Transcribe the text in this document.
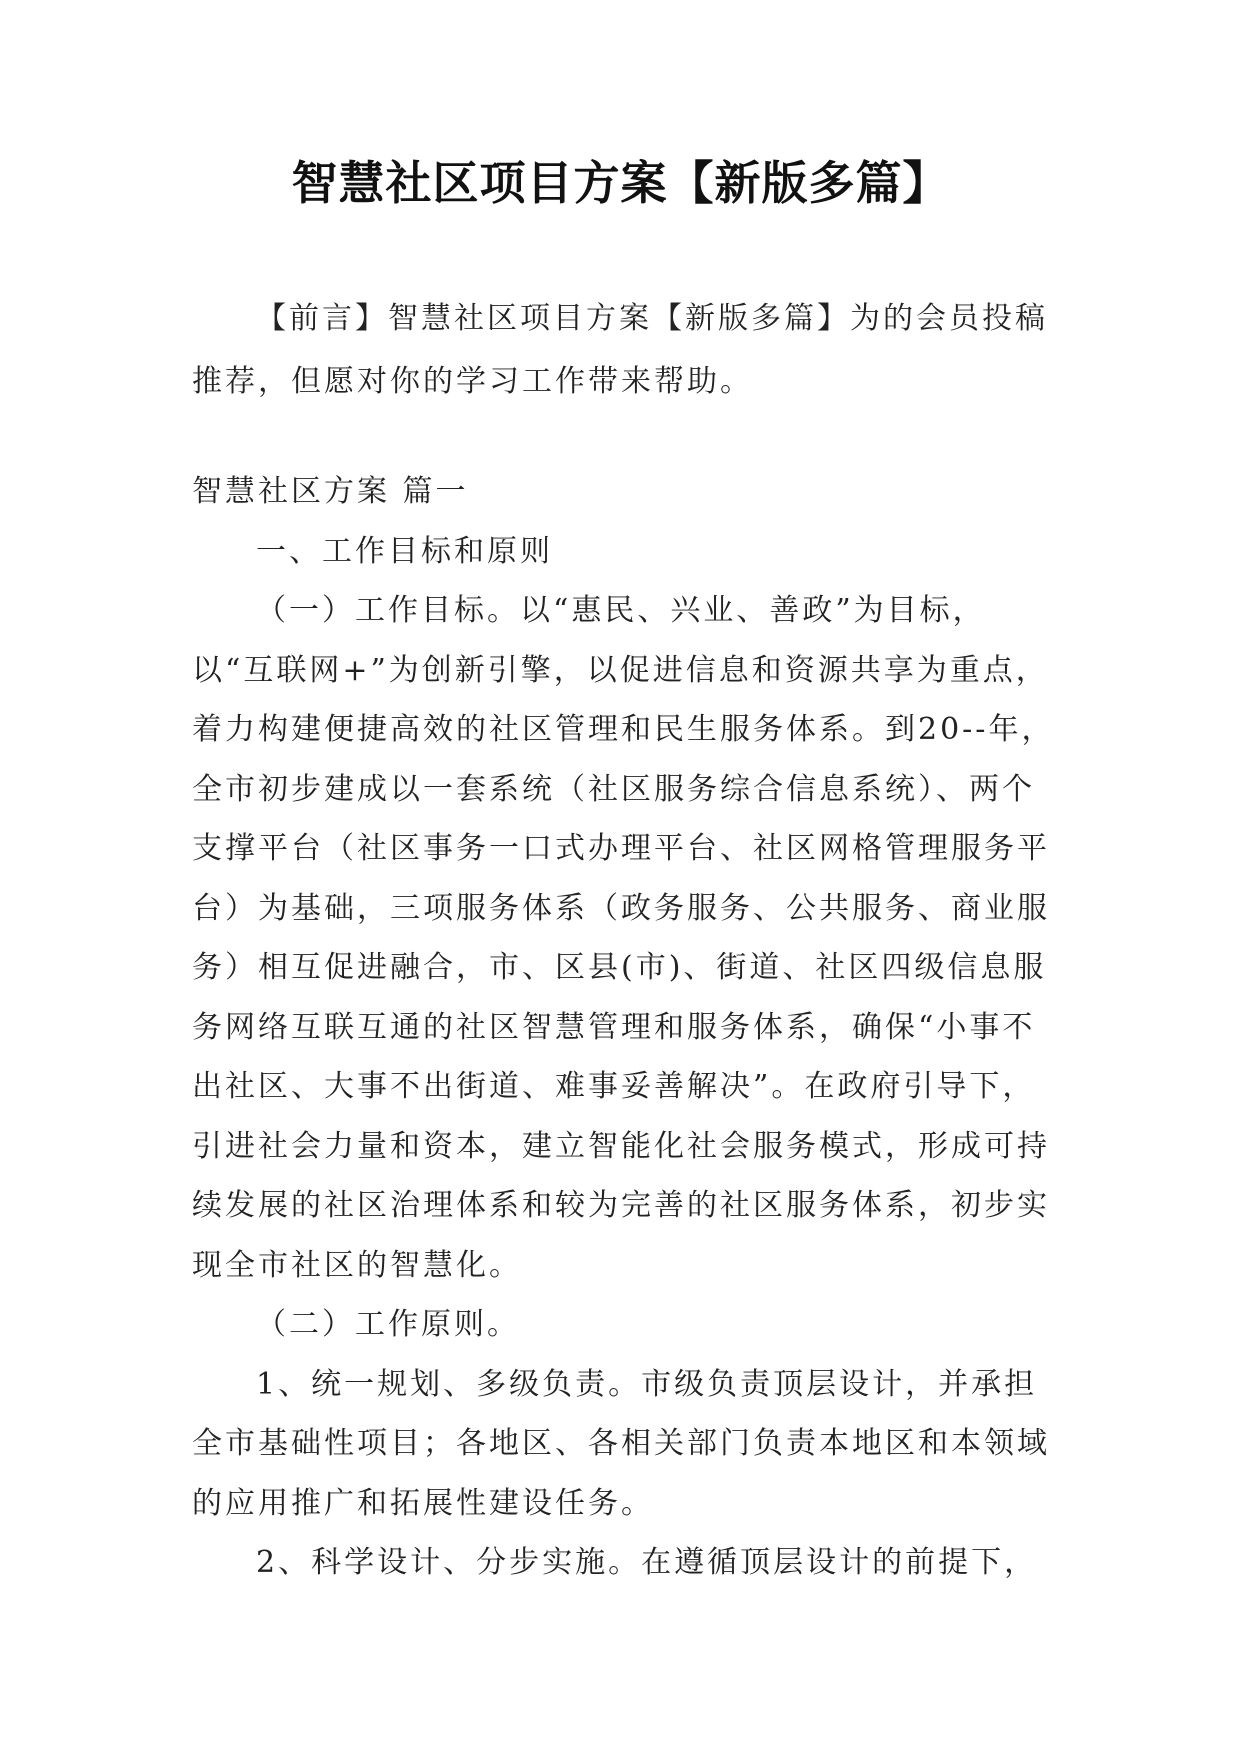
智慧社区项目方案【新版多篇】

【前言】智慧社区项目方案【新版多篇】为的会员投稿推荐，但愿对你的学习工作带来帮助。

智慧社区方案 篇一

一、工作目标和原则

（一）工作目标。以“惠民、兴业、善政”为目标，以“互联网+”为创新引擎，以促进信息和资源共享为重点，着力构建便捷高效的社区管理和民生服务体系。到20--年，全市初步建成以一套系统（社区服务综合信息系统）、两个支撑平台（社区事务一口式办理平台、社区网格管理服务平台）为基础，三项服务体系（政务服务、公共服务、商业服务）相互促进融合，市、区县(市)、街道、社区四级信息服务网络互联互通的社区智慧管理和服务体系，确保“小事不出社区、大事不出街道、难事妥善解决”。在政府引导下，引进社会力量和资本，建立智能化社会服务模式，形成可持续发展的社区治理体系和较为完善的社区服务体系，初步实现全市社区的智慧化。

（二）工作原则。

1、统一规划、多级负责。市级负责顶层设计，并承担全市基础性项目；各地区、各相关部门负责本地区和本领域的应用推广和拓展性建设任务。

2、科学设计、分步实施。在遵循顶层设计的前提下，
